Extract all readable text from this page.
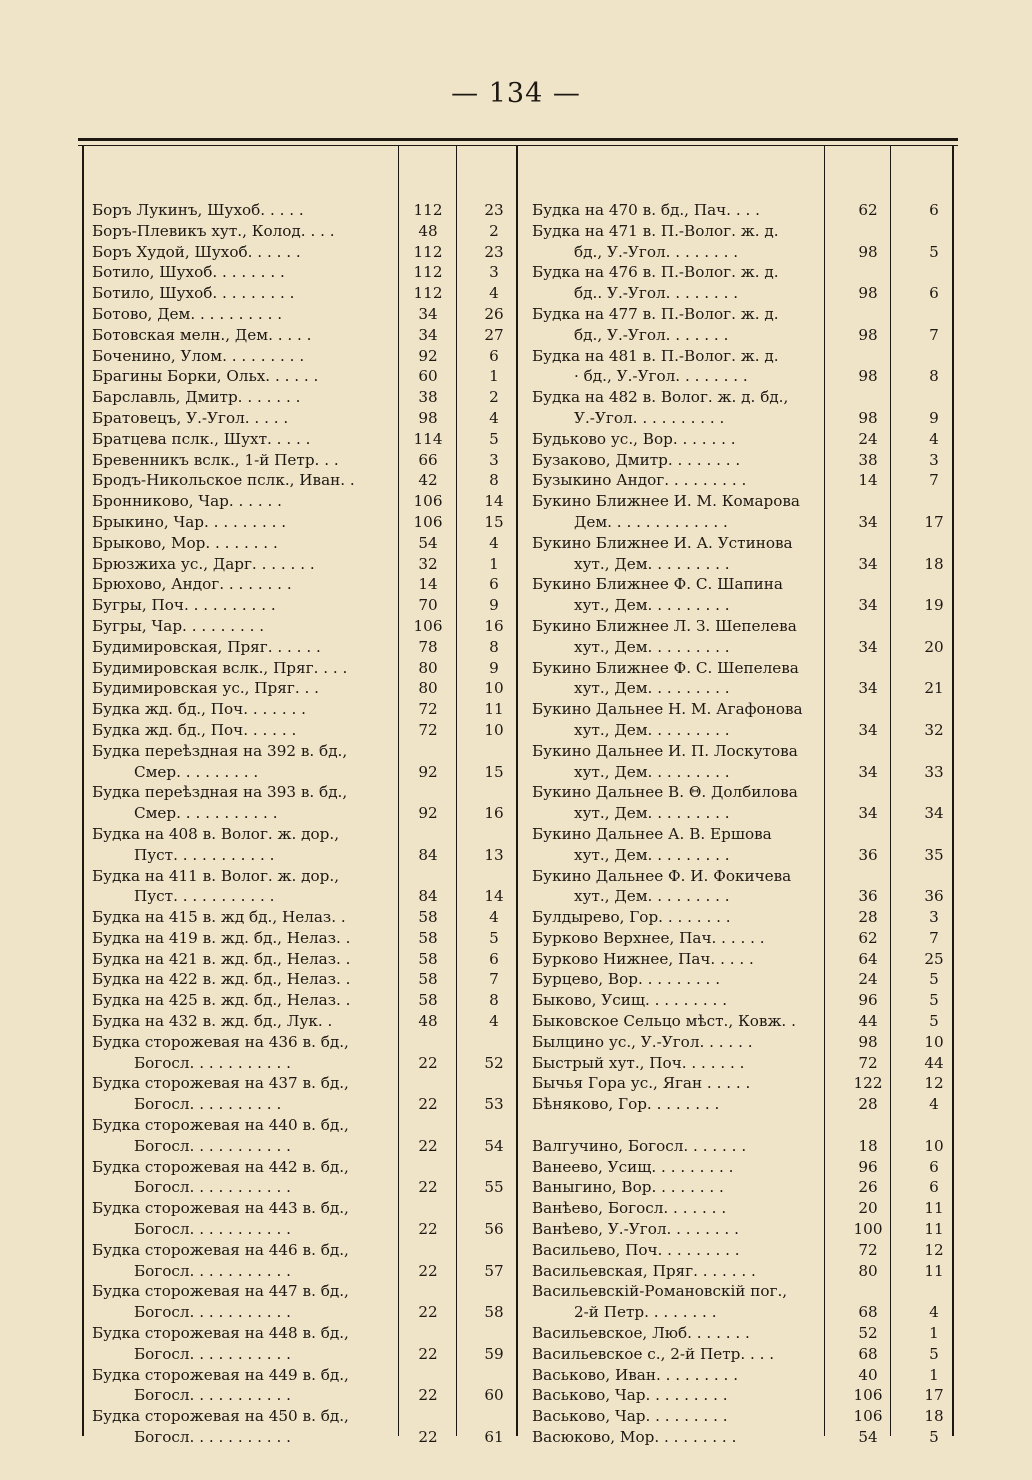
— 134 —
Боръ Лукинъ, Шухоб. . . . .	112	23
Боръ-Плевикъ хут., Колод. . . .	48	2
Боръ Худой, Шухоб. . . . . .	112	23
Ботило, Шухоб. . . . . . . .	112	3
Ботило, Шухоб. . . . . . . . .	112	4
Ботово, Дем. . . . . . . . . .	34	26
Ботовская мелн., Дем. . . . .	34	27
Боченино, Улом. . . . . . . . .	92	6
Брагины Борки, Ольх. . . . . .	60	1
Барславль, Дмитр. . . . . . .	38	2
Братовецъ, У.-Угол. . . . .	98	4
Братцева пслк., Шухт. . . . .	114	5
Бревенникъ вслк., 1-й Петр. . .	66	3
Бродъ-Никольское пслк., Иван. .	42	8
Бронниково, Чар. . . . . .	106	14
Брыкино, Чар. . . . . . . . .	106	15
Брыково, Мор. . . . . . . .	54	4
Брюзжиха ус., Дарг. . . . . . .	32	1
Брюхово, Андог. . . . . . . .	14	6
Бугры, Поч. . . . . . . . . .	70	9
Бугры, Чар. . . . . . . . .	106	16
Будимировская, Пряг. . . . . .	78	8
Будимировская вслк., Пряг. . . .	80	9
Будимировская ус., Пряг. . .	80	10
Будка жд. бд., Поч. . . . . . .	72	11
Будка жд. бд., Поч. . . . . .	72	10
Будка переѣздная на 392 в. бд.,
Смер. . . . . . . . .	92	15
Будка переѣздная на 393 в. бд.,
Смер. . . . . . . . . . .	92	16
Будка на 408 в. Волог. ж. дор.,
Пуст. . . . . . . . . . .	84	13
Будка на 411 в. Волог. ж. дор.,
Пуст. . . . . . . . . . .	84	14
Будка на 415 в. жд бд., Нелаз. .	58	4
Будка на 419 в. жд. бд., Нелаз. .	58	5
Будка на 421 в. жд. бд., Нелаз. .	58	6
Будка на 422 в. жд. бд., Нелаз. .	58	7
Будка на 425 в. жд. бд., Нелаз. .	58	8
Будка на 432 в. жд. бд., Лук. .	48	4
Будка сторожевая на 436 в. бд.,
Богосл. . . . . . . . . . .	22	52
Будка сторожевая на 437 в. бд.,
Богосл. . . . . . . . . .	22	53
Будка сторожевая на 440 в. бд.,
Богосл. . . . . . . . . . .	22	54
Будка сторожевая на 442 в. бд.,
Богосл. . . . . . . . . . .	22	55
Будка сторожевая на 443 в. бд.,
Богосл. . . . . . . . . . .	22	56
Будка сторожевая на 446 в. бд.,
Богосл. . . . . . . . . . .	22	57
Будка сторожевая на 447 в. бд.,
Богосл. . . . . . . . . . .	22	58
Будка сторожевая на 448 в. бд.,
Богосл. . . . . . . . . . .	22	59
Будка сторожевая на 449 в. бд.,
Богосл. . . . . . . . . . .	22	60
Будка сторожевая на 450 в. бд.,
Богосл. . . . . . . . . . .	22	61
Будка на 470 в. бд., Пач. . . .	62	6
Будка на 471 в. П.-Волог. ж. д.
бд., У.-Угол. . . . . . . .	98	5
Будка на 476 в. П.-Волог. ж. д.
бд.. У.-Угол. . . . . . . .	98	6
Будка на 477 в. П.-Волог. ж. д.
бд., У.-Угол. . . . . . .	98	7
Будка на 481 в. П.-Волог. ж. д.
· бд., У.-Угол. . . . . . . .	98	8
Будка на 482 в. Волог. ж. д. бд.,
У.-Угол. . . . . . . . . .	98	9
Будьково ус., Вор. . . . . . .	24	4
Бузаково, Дмитр. . . . . . . .	38	3
Бузыкино Андог. . . . . . . . .	14	7
Букино Ближнее И. М. Комарова
Дем. . . . . . . . . . . . .	34	17
Букино Ближнее И. А. Устинова
хут., Дем. . . . . . . . .	34	18
Букино Ближнее Ф. С. Шапина
хут., Дем. . . . . . . . .	34	19
Букино Ближнее Л. З. Шепелева
хут., Дем. . . . . . . . .	34	20
Букино Ближнее Ф. С. Шепелева
хут., Дем. . . . . . . . .	34	21
Букино Дальнее Н. М. Агафонова
хут., Дем. . . . . . . . .	34	32
Букино Дальнее И. П. Лоскутова
хут., Дем. . . . . . . . .	34	33
Букино Дальнее В. Θ. Долбилова
хут., Дем. . . . . . . . .	34	34
Букино Дальнее А. В. Ершова
хут., Дем. . . . . . . . .	36	35
Букино Дальнее Ф. И. Фокичева
хут., Дем. . . . . . . . .	36	36
Булдырево, Гор. . . . . . . .	28	3
Бурково Верхнее, Пач. . . . . .	62	7
Бурково Нижнее, Пач. . . . .	64	25
Бурцево, Вор. . . . . . . . .	24	5
Быково, Усищ. . . . . . . . .	96	5
Быковское Сельцо мѣст., Ковж. .	44	5
Былцино ус., У.-Угол. . . . . .	98	10
Быстрый хут., Поч. . . . . . .	72	44
Бычья Гора ус., Яган . . . . .	122	12
Бѣняково, Гор. . . . . . . .	28	4
Валгучино, Богосл. . . . . . .	18	10
Ванеево, Усищ. . . . . . . . .	96	6
Ваныгино, Вор. . . . . . . .	26	6
Ванѣево, Богосл. . . . . . .	20	11
Ванѣево, У.-Угол. . . . . . . .	100	11
Васильево, Поч. . . . . . . . .	72	12
Васильевская, Пряг. . . . . . .	80	11
Васильевскій-Романовскій пог.,
2-й Петр. . . . . . . .	68	4
Васильевское, Люб. . . . . . .	52	1
Васильевское с., 2-й Петр. . . .	68	5
Васьково, Иван. . . . . . . . .	40	1
Васьково, Чар. . . . . . . . .	106	17
Васьково, Чар. . . . . . . . .	106	18
Васюково, Мор. . . . . . . . .	54	5
